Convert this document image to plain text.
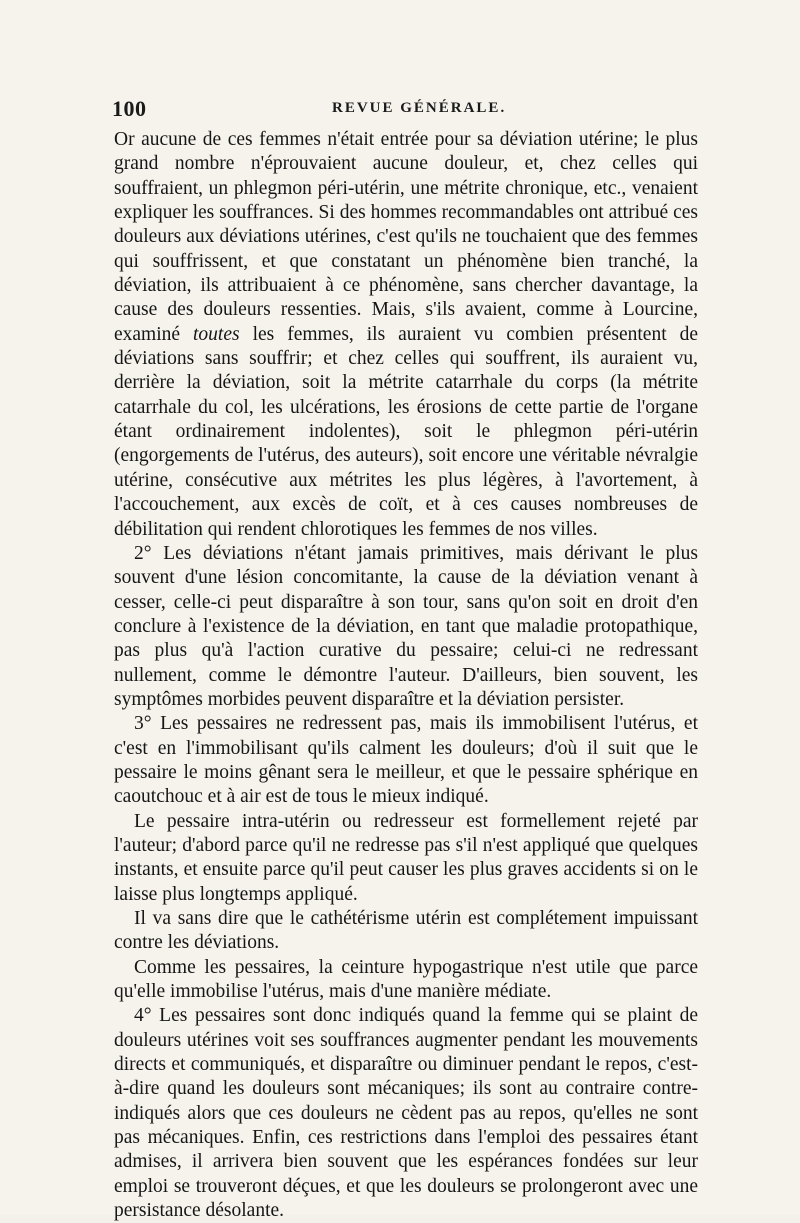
100	REVUE GÉNÉRALE.

Or aucune de ces femmes n'était entrée pour sa déviation utérine; le plus grand nombre n'éprouvaient aucune douleur, et, chez celles qui souffraient, un phlegmon péri-utérin, une métrite chronique, etc., venaient expliquer les souffrances. Si des hommes recommandables ont attribué ces douleurs aux déviations utérines, c'est qu'ils ne touchaient que des femmes qui souffrissent, et que constatant un phénomène bien tranché, la déviation, ils attribuaient à ce phénomène, sans chercher davantage, la cause des douleurs ressenties. Mais, s'ils avaient, comme à Lourcine, examiné toutes les femmes, ils auraient vu combien présentent de déviations sans souffrir; et chez celles qui souffrent, ils auraient vu, derrière la déviation, soit la métrite catarrhale du corps (la métrite catarrhale du col, les ulcérations, les érosions de cette partie de l'organe étant ordinairement indolentes), soit le phlegmon péri-utérin (engorgements de l'utérus, des auteurs), soit encore une véritable névralgie utérine, consécutive aux métrites les plus légères, à l'avortement, à l'accouchement, aux excès de coït, et à ces causes nombreuses de débilitation qui rendent chlorotiques les femmes de nos villes.

2° Les déviations n'étant jamais primitives, mais dérivant le plus souvent d'une lésion concomitante, la cause de la déviation venant à cesser, celle-ci peut disparaître à son tour, sans qu'on soit en droit d'en conclure à l'existence de la déviation, en tant que maladie protopathique, pas plus qu'à l'action curative du pessaire; celui-ci ne redressant nullement, comme le démontre l'auteur. D'ailleurs, bien souvent, les symptômes morbides peuvent disparaître et la déviation persister.

3° Les pessaires ne redressent pas, mais ils immobilisent l'utérus, et c'est en l'immobilisant qu'ils calment les douleurs; d'où il suit que le pessaire le moins gênant sera le meilleur, et que le pessaire sphérique en caoutchouc et à air est de tous le mieux indiqué.

Le pessaire intra-utérin ou redresseur est formellement rejeté par l'auteur; d'abord parce qu'il ne redresse pas s'il n'est appliqué que quelques instants, et ensuite parce qu'il peut causer les plus graves accidents si on le laisse plus longtemps appliqué.

Il va sans dire que le cathétérisme utérin est complétement impuissant contre les déviations.

Comme les pessaires, la ceinture hypogastrique n'est utile que parce qu'elle immobilise l'utérus, mais d'une manière médiate.

4° Les pessaires sont donc indiqués quand la femme qui se plaint de douleurs utérines voit ses souffrances augmenter pendant les mouvements directs et communiqués, et disparaître ou diminuer pendant le repos, c'est-à-dire quand les douleurs sont mécaniques; ils sont au contraire contre-indiqués alors que ces douleurs ne cèdent pas au repos, qu'elles ne sont pas mécaniques. Enfin, ces restrictions dans l'emploi des pessaires étant admises, il arrivera bien souvent que les espérances fondées sur leur emploi se trouveront déçues, et que les douleurs se prolongeront avec une persistance désolante.
